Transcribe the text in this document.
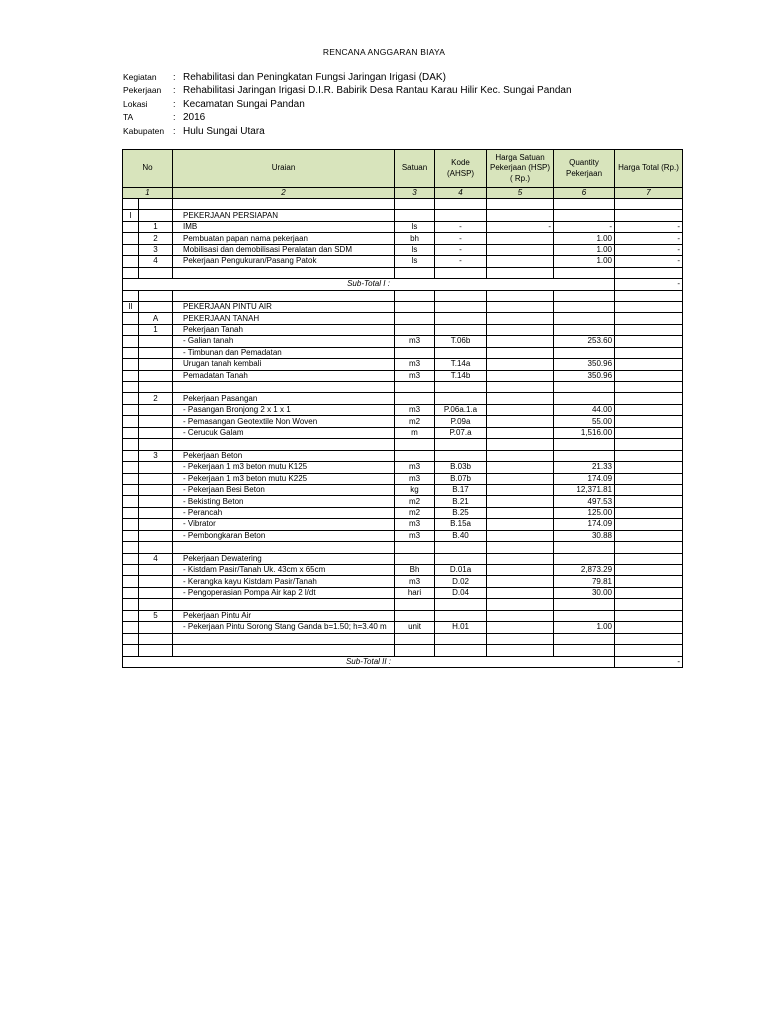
RENCANA ANGGARAN BIAYA
Kegiatan	: Rehabilitasi dan Peningkatan Fungsi Jaringan Irigasi (DAK)
Pekerjaan	: Rehabilitasi Jaringan Irigasi D.I.R. Babirik Desa Rantau Karau Hilir Kec. Sungai Pandan
Lokasi	: Kecamatan Sungai Pandan
TA	: 2016
Kabupaten : Hulu Sungai Utara
No		Uraian	Satuan	Kode (AHSP)	Harga Satuan Pekerjaan (HSP) ( Rp.)	Quantity Pekerjaan	Harga Total (Rp.)
1		2	3	4	5	6	7

I		PEKERJAAN PERSIAPAN					
	1	IMB	ls	-	-	-	-
	2	Pembuatan papan nama pekerjaan	bh	-		1.00	-
	3	Mobilisasi dan demobilisasi Peralatan dan SDM	ls	-		1.00	-
	4	Pekerjaan Pengukuran/Pasang Patok	ls	-		1.00	-

Sub-Total I :							-

II		PEKERJAAN PINTU AIR					
	A	PEKERJAAN TANAH					
	1	Pekerjaan Tanah					
		- Galian tanah	m3	T.06b		253.60	
		- Timbunan dan Pemadatan					
		Urugan tanah kembali	m3	T.14a		350.96	
		Pemadatan Tanah	m3	T.14b		350.96	

	2	Pekerjaan Pasangan					
		- Pasangan Bronjong 2 x 1 x 1	m3	P.06a.1.a		44.00	
		- Pemasangan Geotextile Non Woven	m2	P.09a		55.00	
		- Cerucuk Galam	m	P.07.a		1,516.00	

	3	Pekerjaan Beton					
		- Pekerjaan 1 m3 beton mutu K125	m3	B.03b		21.33	
		- Pekerjaan 1 m3 beton mutu K225	m3	B.07b		174.09	
		- Pekerjaan Besi Beton	kg	B.17		12,371.81	
		- Bekisting Beton	m2	B.21		497.53	
		- Perancah	m2	B.25		125.00	
		- Vibrator	m3	B.15a		174.09	
		- Pembongkaran Beton	m3	B.40		30.88	

	4	Pekerjaan Dewatering					
		- Kistdam Pasir/Tanah Uk. 43cm x 65cm	Bh	D.01a		2,873.29	
		- Kerangka kayu Kistdam Pasir/Tanah	m3	D.02		79.81	
		- Pengoperasian Pompa Air kap 2 l/dt	hari	D.04		30.00	

	5	Pekerjaan Pintu Air					
		- Pekerjaan Pintu Sorong Stang Ganda b=1.50; h=3.40 m	unit	H.01		1.00	

Sub-Total II :							-
